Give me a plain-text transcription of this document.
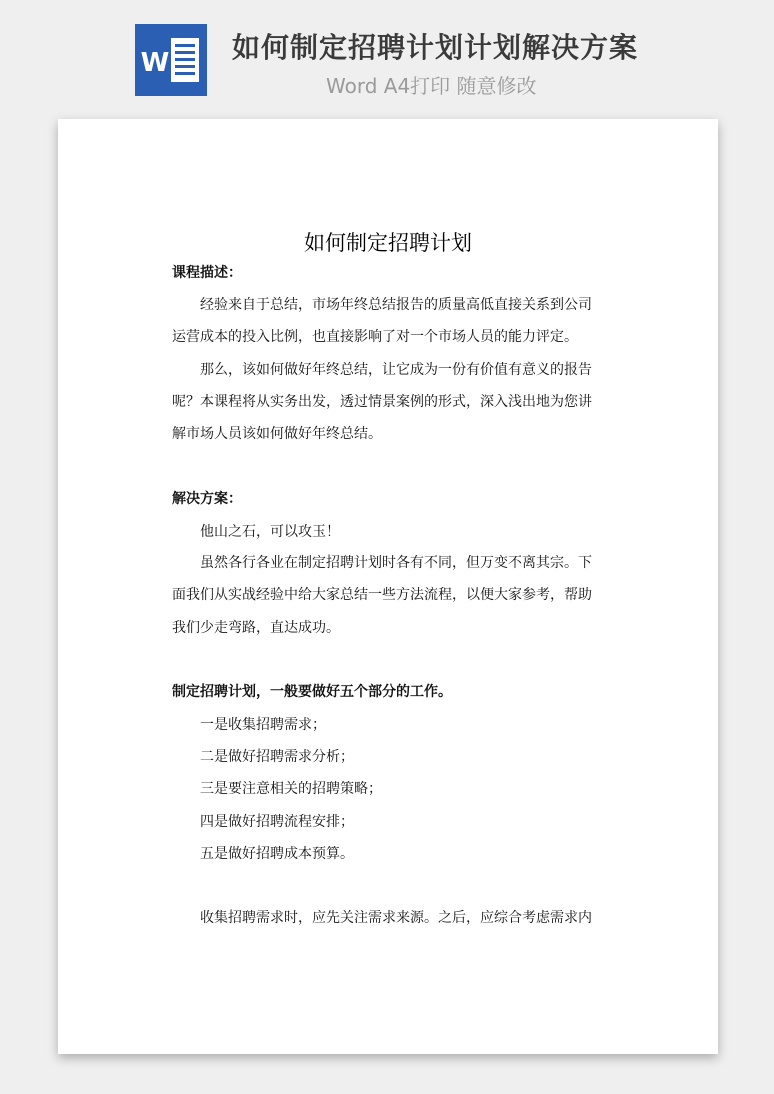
W 如何制定招聘计划计划解决方案
Word A4打印 随意修改
如何制定招聘计划
课程描述：
经验来自于总结，市场年终总结报告的质量高低直接关系到公司
运营成本的投入比例，也直接影响了对一个市场人员的能力评定。
那么，该如何做好年终总结，让它成为一份有价值有意义的报告
呢？本课程将从实务出发，透过情景案例的形式，深入浅出地为您讲
解市场人员该如何做好年终总结。
解决方案：
他山之石，可以攻玉！
虽然各行各业在制定招聘计划时各有不同，但万变不离其宗。下
面我们从实战经验中给大家总结一些方法流程，以便大家参考，帮助
我们少走弯路，直达成功。
制定招聘计划，一般要做好五个部分的工作。
一是收集招聘需求；
二是做好招聘需求分析；
三是要注意相关的招聘策略；
四是做好招聘流程安排；
五是做好招聘成本预算。
收集招聘需求时，应先关注需求来源。之后，应综合考虑需求内
